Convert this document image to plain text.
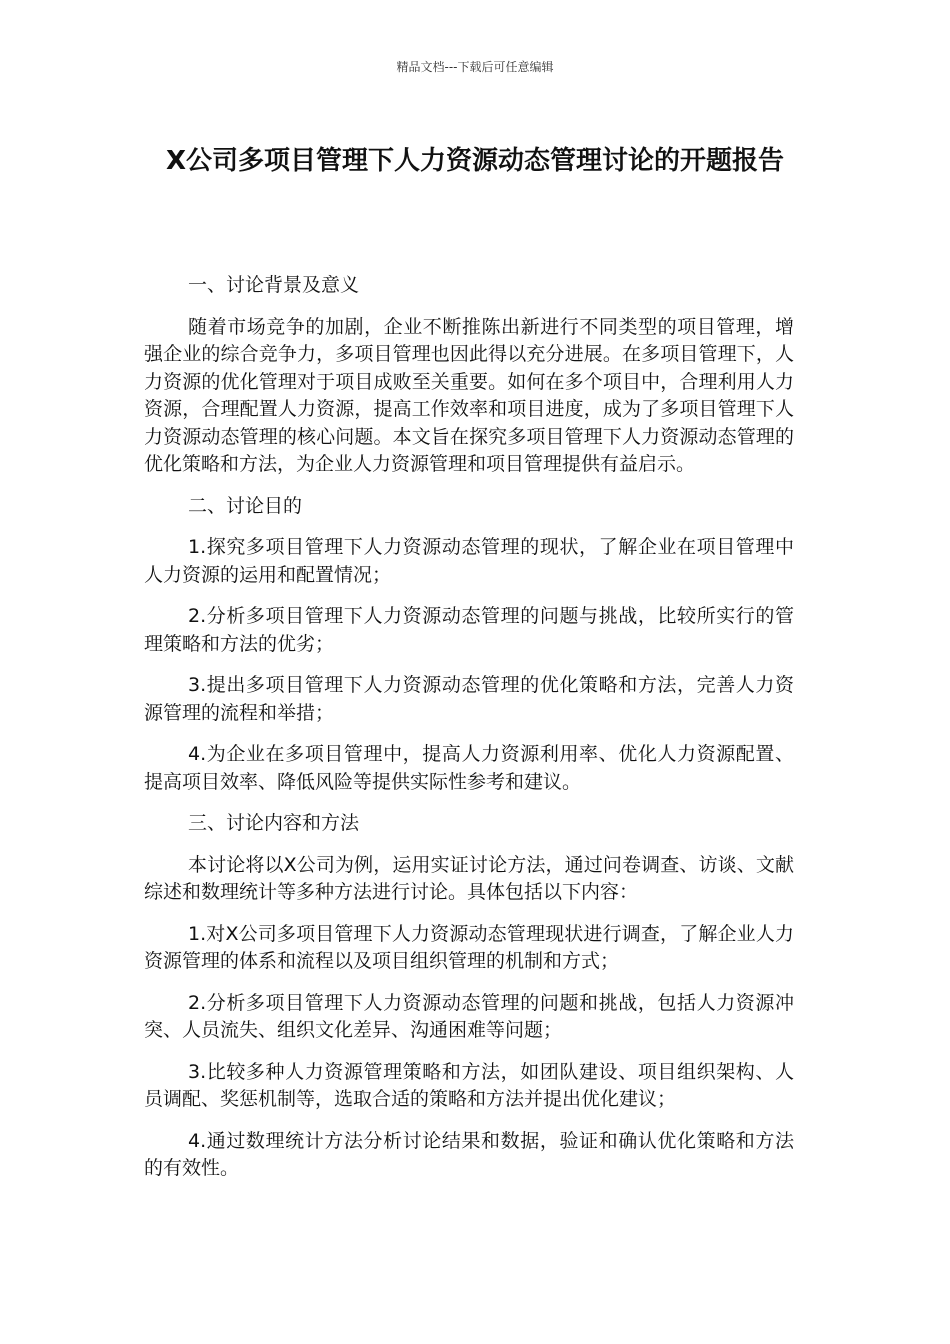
精品文档---下载后可任意编辑
X公司多项目管理下人力资源动态管理讨论的开题报告

一、讨论背景及意义

随着市场竞争的加剧，企业不断推陈出新进行不同类型的项目管理，增强企业的综合竞争力，多项目管理也因此得以充分进展。在多项目管理下，人力资源的优化管理对于项目成败至关重要。如何在多个项目中，合理利用人力资源，合理配置人力资源，提高工作效率和项目进度，成为了多项目管理下人力资源动态管理的核心问题。本文旨在探究多项目管理下人力资源动态管理的优化策略和方法，为企业人力资源管理和项目管理提供有益启示。

二、讨论目的

1.探究多项目管理下人力资源动态管理的现状，了解企业在项目管理中人力资源的运用和配置情况；

2.分析多项目管理下人力资源动态管理的问题与挑战，比较所实行的管理策略和方法的优劣；

3.提出多项目管理下人力资源动态管理的优化策略和方法，完善人力资源管理的流程和举措；

4.为企业在多项目管理中，提高人力资源利用率、优化人力资源配置、提高项目效率、降低风险等提供实际性参考和建议。

三、讨论内容和方法

本讨论将以X公司为例，运用实证讨论方法，通过问卷调查、访谈、文献综述和数理统计等多种方法进行讨论。具体包括以下内容：

1.对X公司多项目管理下人力资源动态管理现状进行调查，了解企业人力资源管理的体系和流程以及项目组织管理的机制和方式；

2.分析多项目管理下人力资源动态管理的问题和挑战，包括人力资源冲突、人员流失、组织文化差异、沟通困难等问题；

3.比较多种人力资源管理策略和方法，如团队建设、项目组织架构、人员调配、奖惩机制等，选取合适的策略和方法并提出优化建议；

4.通过数理统计方法分析讨论结果和数据，验证和确认优化策略和方法的有效性。
